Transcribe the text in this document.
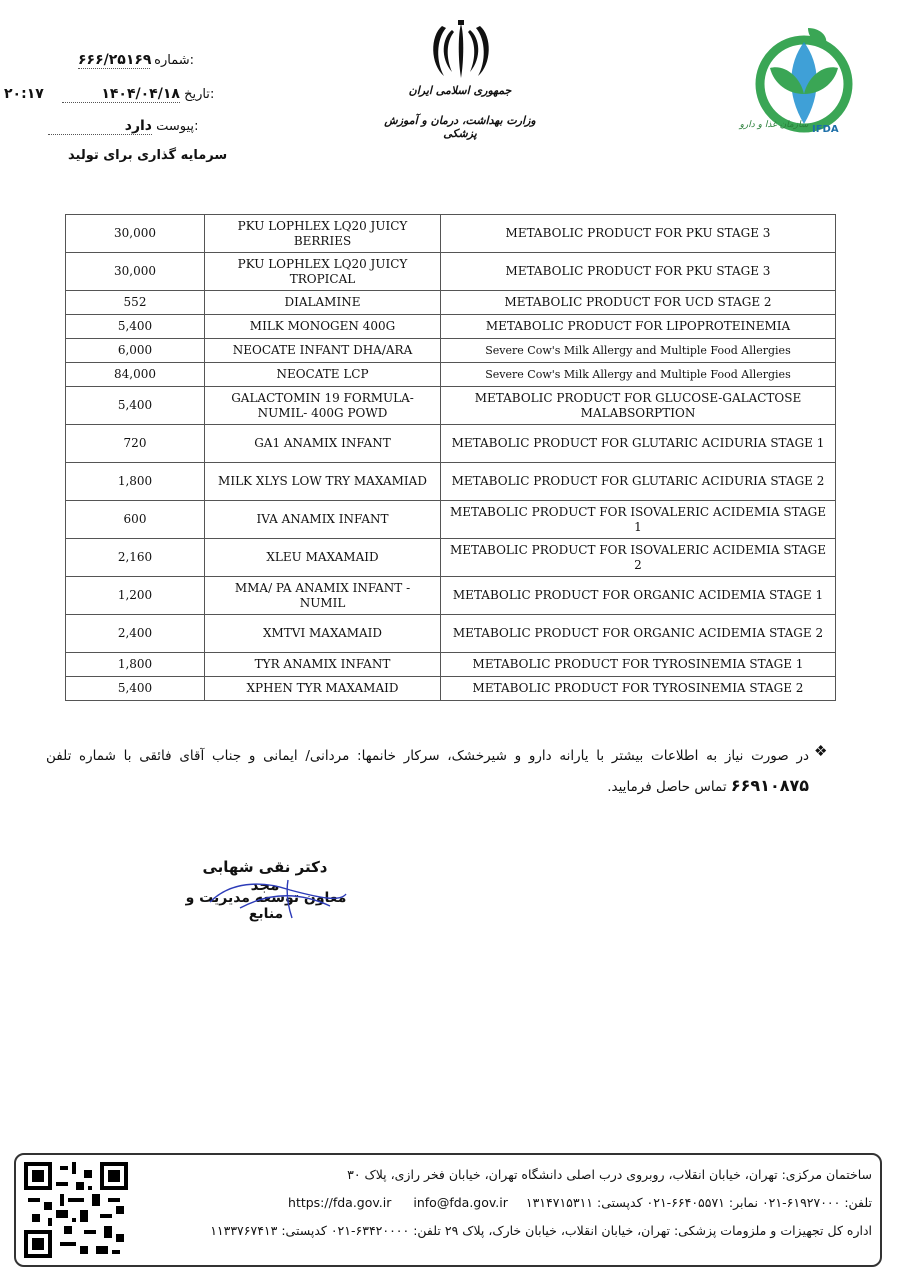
۶۶۶/۲۵۱۶۹ شماره:
۲۰:۱۷	۱۴۰۴/۰۴/۱۸ تاریخ:
دارد پیوست:
سرمایه گذاری برای تولید
جمهوری اسلامی ایران
وزارت بهداشت، درمان و آموزش پزشکی
سازمان غذا و دارو IFDA
30,000	PKU LOPHLEX LQ20 JUICY BERRIES	METABOLIC PRODUCT FOR PKU STAGE 3
30,000	PKU LOPHLEX LQ20 JUICY TROPICAL	METABOLIC PRODUCT FOR PKU STAGE 3
552	DIALAMINE	METABOLIC PRODUCT FOR UCD STAGE 2
5,400	MILK MONOGEN 400G	METABOLIC PRODUCT FOR LIPOPROTEINEMIA
6,000	NEOCATE INFANT DHA/ARA	Severe Cow's Milk Allergy and Multiple Food Allergies
84,000	NEOCATE LCP	Severe Cow's Milk Allergy and Multiple Food Allergies
5,400	GALACTOMIN 19 FORMULA-NUMIL- 400G POWD	METABOLIC PRODUCT FOR GLUCOSE-GALACTOSE MALABSORPTION
720	GA1 ANAMIX INFANT	METABOLIC PRODUCT FOR GLUTARIC ACIDURIA STAGE 1
1,800	MILK XLYS LOW TRY MAXAMIAD	METABOLIC PRODUCT FOR GLUTARIC ACIDURIA STAGE 2
600	IVA ANAMIX INFANT	METABOLIC PRODUCT FOR ISOVALERIC ACIDEMIA STAGE 1
2,160	XLEU MAXAMAID	METABOLIC PRODUCT FOR ISOVALERIC ACIDEMIA STAGE 2
1,200	MMA/ PA ANAMIX INFANT - NUMIL	METABOLIC PRODUCT FOR ORGANIC ACIDEMIA STAGE 1
2,400	XMTVI MAXAMAID	METABOLIC PRODUCT FOR ORGANIC ACIDEMIA STAGE 2
1,800	TYR ANAMIX INFANT	METABOLIC PRODUCT FOR TYROSINEMIA STAGE 1
5,400	XPHEN TYR MAXAMAID	METABOLIC PRODUCT FOR TYROSINEMIA STAGE 2
❖
در صورت نیاز به اطلاعات بیشتر با یارانه دارو و شیرخشک، سرکار خانمها: مردانی/ ایمانی و جناب آقای فائقی با شماره تلفن ۶۶۹۱۰۸۷۵ تماس حاصل فرمایید.
دکتر نقی شهابی مجد
معاون توسعه مدیریت و منابع
ساختمان مرکزی: تهران، خیابان انقلاب، روبروی درب اصلی دانشگاه تهران، خیابان فخر رازی، پلاک ۳۰
تلفن: ۶۱۹۲۷۰۰۰-۰۲۱ نمابر: ۶۶۴۰۵۵۷۱-۰۲۱ کدپستی: ۱۳۱۴۷۱۵۳۱۱ info@fda.gov.ir https://fda.gov.ir
اداره کل تجهیزات و ملزومات پزشکی: تهران، خیابان انقلاب، خیابان خارک، پلاک ۲۹ تلفن: ۶۳۴۲۰۰۰۰-۰۲۱ کدپستی: ۱۱۳۳۷۶۷۴۱۳
